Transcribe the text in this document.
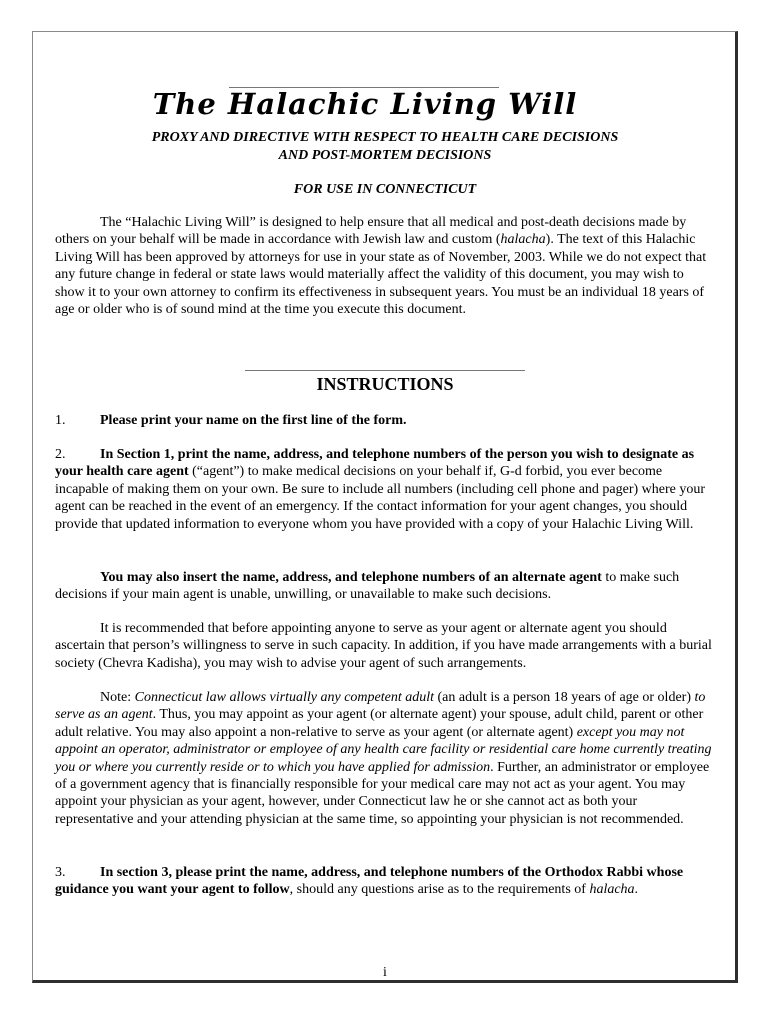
The Halachic Living Will
PROXY AND DIRECTIVE WITH RESPECT TO HEALTH CARE DECISIONS
AND POST-MORTEM DECISIONS
FOR USE IN CONNECTICUT

The “Halachic Living Will” is designed to help ensure that all medical and post-death decisions made by others on your behalf will be made in accordance with Jewish law and custom (halacha). The text of this Halachic Living Will has been approved by attorneys for use in your state as of November, 2003. While we do not expect that any future change in federal or state laws would materially affect the validity of this document, you may wish to show it to your own attorney to confirm its effectiveness in subsequent years. You must be an individual 18 years of age or older who is of sound mind at the time you execute this document.

INSTRUCTIONS

1. Please print your name on the first line of the form.

2. In Section 1, print the name, address, and telephone numbers of the person you wish to designate as your health care agent (“agent”) to make medical decisions on your behalf if, G-d forbid, you ever become incapable of making them on your own. Be sure to include all numbers (including cell phone and pager) where your agent can be reached in the event of an emergency. If the contact information for your agent changes, you should provide that updated information to everyone whom you have provided with a copy of your Halachic Living Will.

You may also insert the name, address, and telephone numbers of an alternate agent to make such decisions if your main agent is unable, unwilling, or unavailable to make such decisions.

It is recommended that before appointing anyone to serve as your agent or alternate agent you should ascertain that person’s willingness to serve in such capacity. In addition, if you have made arrangements with a burial society (Chevra Kadisha), you may wish to advise your agent of such arrangements.

Note: Connecticut law allows virtually any competent adult (an adult is a person 18 years of age or older) to serve as an agent. Thus, you may appoint as your agent (or alternate agent) your spouse, adult child, parent or other adult relative. You may also appoint a non-relative to serve as your agent (or alternate agent) except you may not appoint an operator, administrator or employee of any health care facility or residential care home currently treating you or where you currently reside or to which you have applied for admission. Further, an administrator or employee of a government agency that is financially responsible for your medical care may not act as your agent. You may appoint your physician as your agent, however, under Connecticut law he or she cannot act as both your representative and your attending physician at the same time, so appointing your physician is not recommended.

3. In section 3, please print the name, address, and telephone numbers of the Orthodox Rabbi whose guidance you want your agent to follow, should any questions arise as to the requirements of halacha.

i
